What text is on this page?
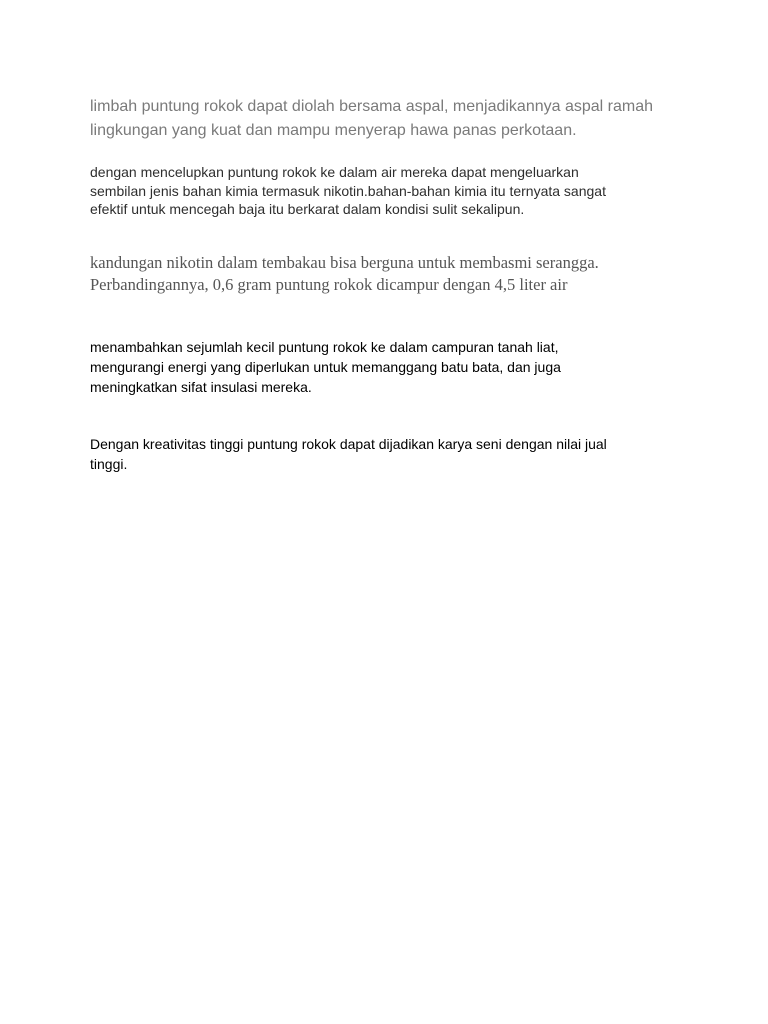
limbah puntung rokok dapat diolah bersama aspal, menjadikannya aspal ramah
lingkungan yang kuat dan mampu menyerap hawa panas perkotaan.

dengan mencelupkan puntung rokok ke dalam air mereka dapat mengeluarkan
sembilan jenis bahan kimia termasuk nikotin.bahan-bahan kimia itu ternyata sangat
efektif untuk mencegah baja itu berkarat dalam kondisi sulit sekalipun.

kandungan nikotin dalam tembakau bisa berguna untuk membasmi serangga.
Perbandingannya, 0,6 gram puntung rokok dicampur dengan 4,5 liter air

menambahkan sejumlah kecil puntung rokok ke dalam campuran tanah liat,
mengurangi energi yang diperlukan untuk memanggang batu bata, dan juga
meningkatkan sifat insulasi mereka.

Dengan kreativitas tinggi puntung rokok dapat dijadikan karya seni dengan nilai jual
tinggi.
